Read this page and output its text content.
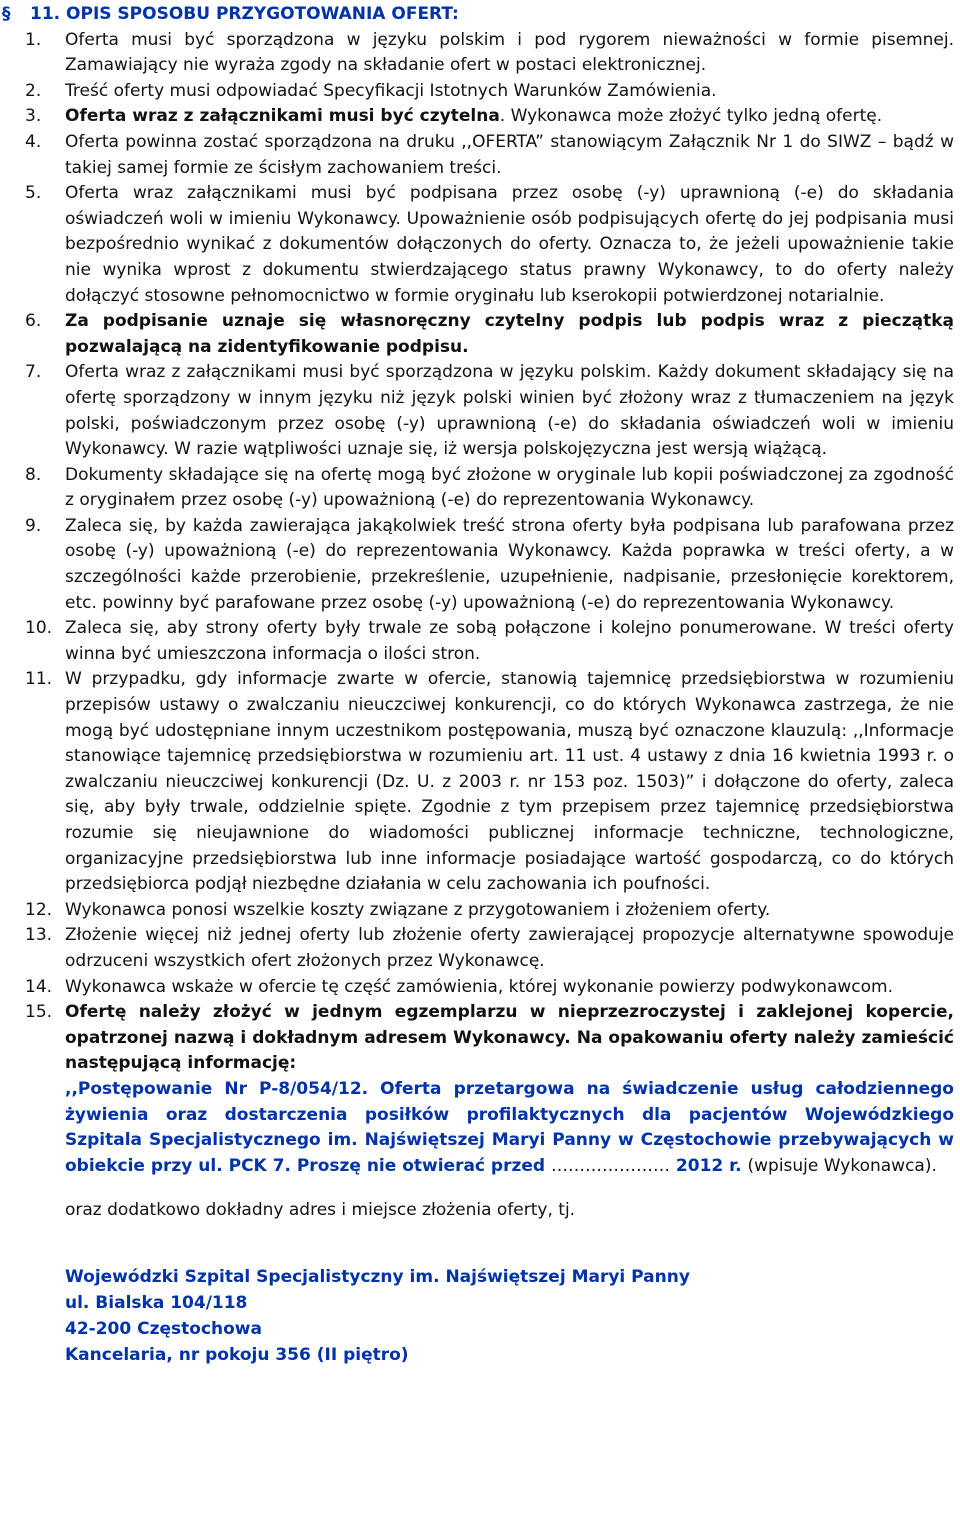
§ 11. OPIS SPOSOBU PRZYGOTOWANIA OFERT:
1. Oferta musi być sporządzona w języku polskim i pod rygorem nieważności w formie pisemnej. Zamawiający nie wyraża zgody na składanie ofert w postaci elektronicznej.
2. Treść oferty musi odpowiadać Specyfikacji Istotnych Warunków Zamówienia.
3. Oferta wraz z załącznikami musi być czytelna. Wykonawca może złożyć tylko jedną ofertę.
4. Oferta powinna zostać sporządzona na druku ,,OFERTA” stanowiącym Załącznik Nr 1 do SIWZ – bądź w takiej samej formie ze ścisłym zachowaniem treści.
5. Oferta wraz załącznikami musi być podpisana przez osobę (-y) uprawnioną (-e) do składania oświadczeń woli w imieniu Wykonawcy. Upoważnienie osób podpisujących ofertę do jej podpisania musi bezpośrednio wynikać z dokumentów dołączonych do oferty. Oznacza to, że jeżeli upoważnienie takie nie wynika wprost z dokumentu stwierdzającego status prawny Wykonawcy, to do oferty należy dołączyć stosowne pełnomocnictwo w formie oryginału lub kserokopii potwierdzonej notarialnie.
6. Za podpisanie uznaje się własnoręczny czytelny podpis lub podpis wraz z pieczątką pozwalającą na zidentyfikowanie podpisu.
7. Oferta wraz z załącznikami musi być sporządzona w języku polskim. Każdy dokument składający się na ofertę sporządzony w innym języku niż język polski winien być złożony wraz z tłumaczeniem na język polski, poświadczonym przez osobę (-y) uprawnioną (-e) do składania oświadczeń woli w imieniu Wykonawcy. W razie wątpliwości uznaje się, iż wersja polskojęzyczna jest wersją wiążącą.
8. Dokumenty składające się na ofertę mogą być złożone w oryginale lub kopii poświadczonej za zgodność z oryginałem przez osobę (-y) upoważnioną (-e) do reprezentowania Wykonawcy.
9. Zaleca się, by każda zawierająca jakąkolwiek treść strona oferty była podpisana lub parafowana przez osobę (-y) upoważnioną (-e) do reprezentowania Wykonawcy. Każda poprawka w treści oferty, a w szczególności każde przerobienie, przekreślenie, uzupełnienie, nadpisanie, przesłonięcie korektorem, etc. powinny być parafowane przez osobę (-y) upoważnioną (-e) do reprezentowania Wykonawcy.
10. Zaleca się, aby strony oferty były trwale ze sobą połączone i kolejno ponumerowane. W treści oferty winna być umieszczona informacja o ilości stron.
11. W przypadku, gdy informacje zwarte w ofercie, stanowią tajemnicę przedsiębiorstwa w rozumieniu przepisów ustawy o zwalczaniu nieuczciwej konkurencji, co do których Wykonawca zastrzega, że nie mogą być udostępniane innym uczestnikom postępowania, muszą być oznaczone klauzulą: ,,Informacje stanowiące tajemnicę przedsiębiorstwa w rozumieniu art. 11 ust. 4 ustawy z dnia 16 kwietnia 1993 r. o zwalczaniu nieuczciwej konkurencji (Dz. U. z 2003 r. nr 153 poz. 1503)” i dołączone do oferty, zaleca się, aby były trwale, oddzielnie spięte. Zgodnie z tym przepisem przez tajemnicę przedsiębiorstwa rozumie się nieujawnione do wiadomości publicznej informacje techniczne, technologiczne, organizacyjne przedsiębiorstwa lub inne informacje posiadające wartość gospodarczą, co do których przedsiębiorca podjął niezbędne działania w celu zachowania ich poufności.
12. Wykonawca ponosi wszelkie koszty związane z przygotowaniem i złożeniem oferty.
13. Złożenie więcej niż jednej oferty lub złożenie oferty zawierającej propozycje alternatywne spowoduje odrzuceni wszystkich ofert złożonych przez Wykonawcę.
14. Wykonawca wskaże w ofercie tę część zamówienia, której wykonanie powierzy podwykonawcom.
15. Ofertę należy złożyć w jednym egzemplarzu w nieprzezroczystej i zaklejonej kopercie, opatrzonej nazwą i dokładnym adresem Wykonawcy. Na opakowaniu oferty należy zamieścić następującą informację:
,,Postępowanie Nr P-8/054/12. Oferta przetargowa na świadczenie usług całodziennego żywienia oraz dostarczenia posiłków profilaktycznych dla pacjentów Wojewódzkiego Szpitala Specjalistycznego im. Najświętszej Maryi Panny w Częstochowie przebywających w obiekcie przy ul. PCK 7. Proszę nie otwierać przed ………………… 2012 r. (wpisuje Wykonawca).
oraz dodatkowo dokładny adres i miejsce złożenia oferty, tj.
Wojewódzki Szpital Specjalistyczny im. Najświętszej Maryi Panny
ul. Bialska 104/118
42-200 Częstochowa
Kancelaria, nr pokoju 356 (II piętro)
